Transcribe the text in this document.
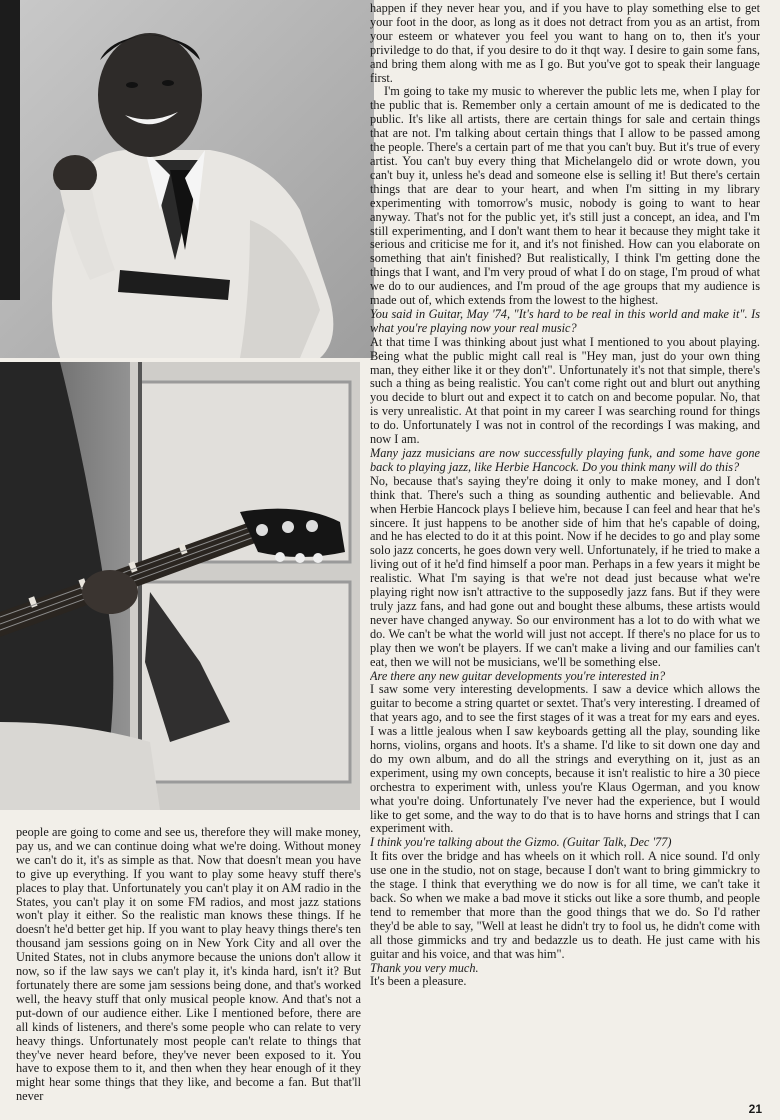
happen if they never hear you, and if you have to play something else to get your foot in the door, as long as it does not detract from you as an artist, from your esteem or whatever you feel you want to hang on to, then it's your priviledge to do that, if you desire to do it thqt way. I desire to gain some fans, and bring them along with me as I go. But you've got to speak their language first.

I'm going to take my music to wherever the public lets me, when I play for the public that is. Remember only a certain amount of me is dedicated to the public. It's like all artists, there are certain things for sale and certain things that are not. I'm talking about certain things that I allow to be passed among the people. There's a certain part of me that you can't buy. But it's true of every artist. You can't buy every thing that Michelangelo did or wrote down, you can't buy it, unless he's dead and someone else is selling it! But there's certain things that are dear to your heart, and when I'm sitting in my library experimenting with tomorrow's music, nobody is going to want to hear anyway. That's not for the public yet, it's still just a concept, an idea, and I'm still experimenting, and I don't want them to hear it because they might take it serious and criticise me for it, and it's not finished. How can you elaborate on something that ain't finished? But realistically, I think I'm getting done the things that I want, and I'm very proud of what I do on stage, I'm proud of what we do to our audiences, and I'm proud of the age groups that my audience is made out of, which extends from the lowest to the highest.

You said in Guitar, May '74, "It's hard to be real in this world and make it". Is what you're playing now your real music?

At that time I was thinking about just what I mentioned to you about playing. Being what the public might call real is "Hey man, just do your own thing man, they either like it or they don't". Unfortunately it's not that simple, there's such a thing as being realistic. You can't come right out and blurt out anything you decide to blurt out and expect it to catch on and become popular. No, that is very unrealistic. At that point in my career I was searching round for things to do. Unfortunately I was not in control of the recordings I was making, and now I am.

Many jazz musicians are now successfully playing funk, and some have gone back to playing jazz, like Herbie Hancock. Do you think many will do this?

No, because that's saying they're doing it only to make money, and I don't think that. There's such a thing as sounding authentic and believable. And when Herbie Hancock plays I believe him, because I can feel and hear that he's sincere. It just happens to be another side of him that he's capable of doing, and he has elected to do it at this point. Now if he decides to go and play some solo jazz concerts, he goes down very well. Unfortunately, if he tried to make a living out of it he'd find himself a poor man. Perhaps in a few years it might be realistic. What I'm saying is that we're not dead just because what we're playing right now isn't attractive to the supposedly jazz fans. But if they were truly jazz fans, and had gone out and bought these albums, these artists would never have changed anyway. So our environment has a lot to do with what we do. We can't be what the world will just not accept. If there's no place for us to play then we won't be players. If we can't make a living and our families can't eat, then we will not be musicians, we'll be something else.

Are there any new guitar developments you're interested in?

I saw some very interesting developments. I saw a device which allows the guitar to become a string quartet or sextet. That's very interesting. I dreamed of that years ago, and to see the first stages of it was a treat for my ears and eyes. I was a little jealous when I saw keyboards getting all the play, sounding like horns, violins, organs and hoots. It's a shame. I'd like to sit down one day and do my own album, and do all the strings and everything on it, just as an experiment, using my own concepts, because it isn't realistic to hire a 30 piece orchestra to experiment with, unless you're Klaus Ogerman, and you know what you're doing. Unfortunately I've never had the experience, but I would like to get some, and the way to do that is to have horns and strings that I can experiment with.

I think you're talking about the Gizmo. (Guitar Talk, Dec '77)

It fits over the bridge and has wheels on it which roll. A nice sound. I'd only use one in the studio, not on stage, because I don't want to bring gimmickry to the stage. I think that everything we do now is for all time, we can't take it back. So when we make a bad move it sticks out like a sore thumb, and people tend to remember that more than the good things that we do. So I'd rather they'd be able to say, "Well at least he didn't try to fool us, he didn't come with all those gimmicks and try and bedazzle us to death. He just came with his guitar and his voice, and that was him".

Thank you very much.

It's been a pleasure.

people are going to come and see us, therefore they will make money, pay us, and we can continue doing what we're doing. Without money we can't do it, it's as simple as that. Now that doesn't mean you have to give up everything. If you want to play some heavy stuff there's places to play that. Unfortunately you can't play it on AM radio in the States, you can't play it on some FM radios, and most jazz stations won't play it either. So the realistic man knows these things. If he doesn't he'd better get hip. If you want to play heavy things there's ten thousand jam sessions going on in New York City and all over the United States, not in clubs anymore because the unions don't allow it now, so if the law says we can't play it, it's kinda hard, isn't it? But fortunately there are some jam sessions being done, and that's worked well, the heavy stuff that only musical people know. And that's not a put-down of our audience either. Like I mentioned before, there are all kinds of listeners, and there's some people who can relate to very heavy things. Unfortunately most people can't relate to things that they've never heard before, they've never been exposed to it. You have to expose them to it, and then when they hear enough of it they might hear some things that they like, and become a fan. But that'll never

21
